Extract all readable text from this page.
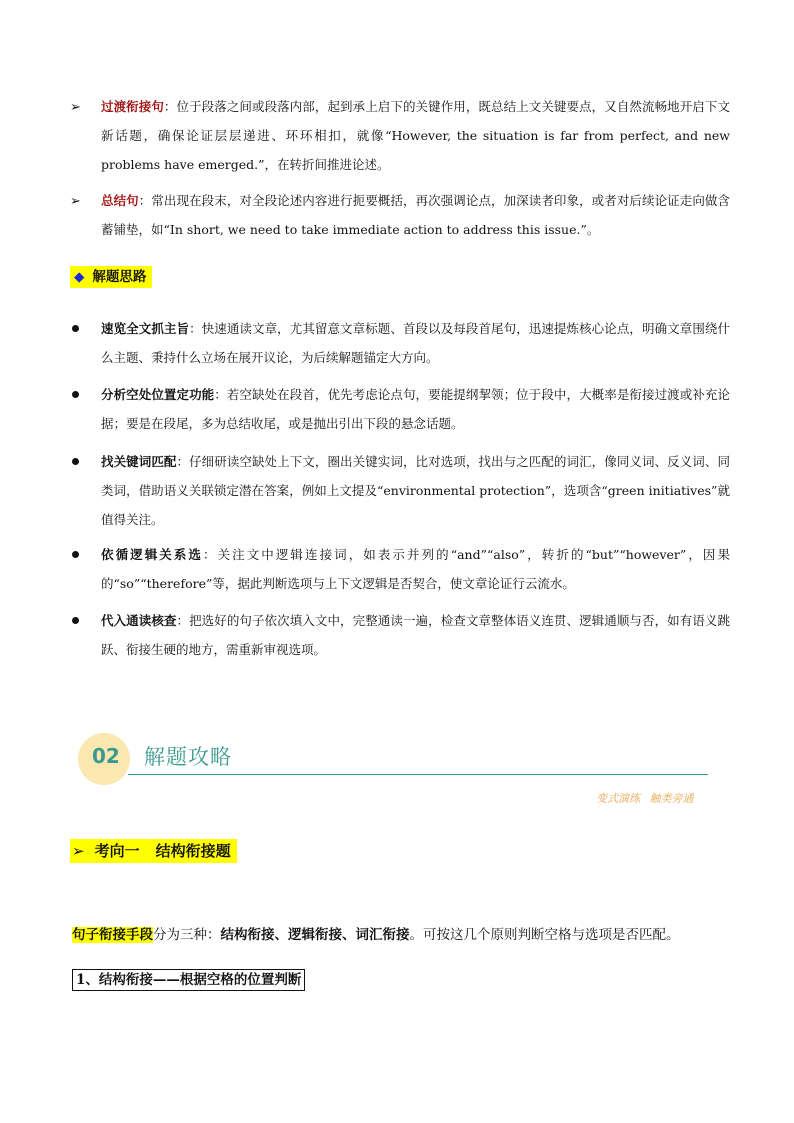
➢ 过渡衔接句：位于段落之间或段落内部，起到承上启下的关键作用，既总结上文关键要点，又自然流畅地开启下文新话题，确保论证层层递进、环环相扣，就像“However, the situation is far from perfect, and new problems have emerged.”，在转折间推进论述。
➢ 总结句：常出现在段末，对全段论述内容进行扼要概括，再次强调论点，加深读者印象，或者对后续论证走向做含蓄铺垫，如“In short, we need to take immediate action to address this issue.”。
◆ 解题思路
速览全文抓主旨：快速通读文章，尤其留意文章标题、首段以及每段首尾句，迅速提炼核心论点，明确文章围绕什么主题、秉持什么立场在展开议论，为后续解题锚定大方向。
分析空处位置定功能：若空缺处在段首，优先考虑论点句，要能提纲挈领；位于段中，大概率是衔接过渡或补充论据；要是在段尾，多为总结收尾，或是抛出引出下段的悬念话题。
找关键词匹配：仔细研读空缺处上下文，圈出关键实词，比对选项，找出与之匹配的词汇，像同义词、反义词、同类词，借助语义关联锁定潜在答案，例如上文提及“environmental protection”，选项含“green initiatives”就值得关注。
依循逻辑关系选：关注文中逻辑连接词，如表示并列的“and”“also”，转折的“but”“however”，因果的“so”“therefore”等，据此判断选项与上下文逻辑是否契合，使文章论证行云流水。
代入通读核查：把选好的句子依次填入文中，完整通读一遍，检查文章整体语义连贯、逻辑通顺与否，如有语义跳跃、衔接生硬的地方，需重新审视选项。
02 解题攻略
变式演练 触类旁通
➢ 考向一 结构衔接题
句子衔接手段分为三种：结构衔接、逻辑衔接、词汇衔接。可按这几个原则判断空格与选项是否匹配。
1、结构衔接——根据空格的位置判断
